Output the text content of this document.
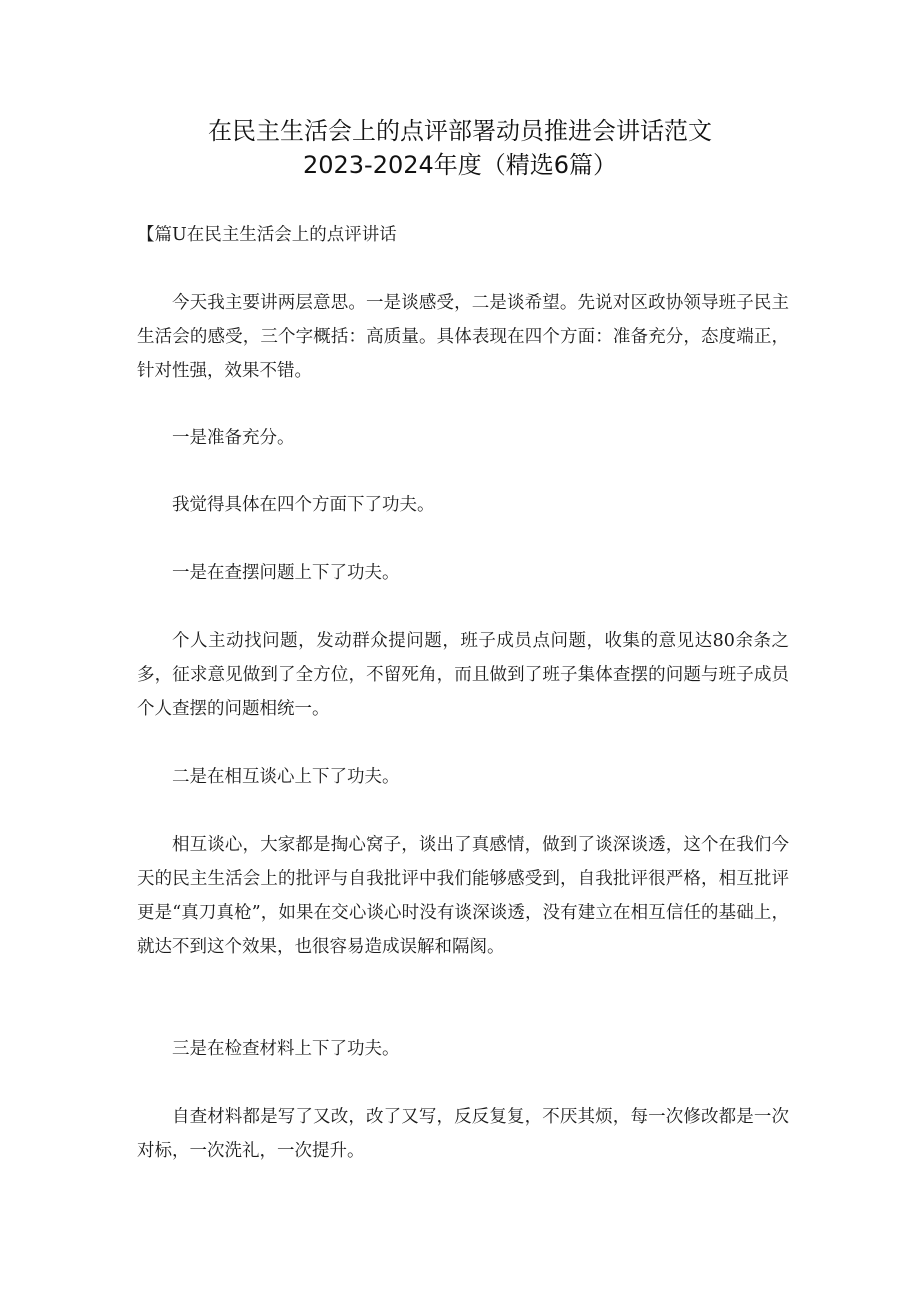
在民主生活会上的点评部署动员推进会讲话范文
2023-2024年度（精选6篇）

【篇U在民主生活会上的点评讲话

今天我主要讲两层意思。一是谈感受，二是谈希望。先说对区政协领导班子民主生活会的感受，三个字概括：高质量。具体表现在四个方面：准备充分，态度端正，针对性强，效果不错。

一是准备充分。

我觉得具体在四个方面下了功夫。

一是在查摆问题上下了功夫。

个人主动找问题，发动群众提问题，班子成员点问题，收集的意见达80余条之多，征求意见做到了全方位，不留死角，而且做到了班子集体查摆的问题与班子成员个人查摆的问题相统一。

二是在相互谈心上下了功夫。

相互谈心，大家都是掏心窝子，谈出了真感情，做到了谈深谈透，这个在我们今天的民主生活会上的批评与自我批评中我们能够感受到，自我批评很严格，相互批评更是“真刀真枪”，如果在交心谈心时没有谈深谈透，没有建立在相互信任的基础上，就达不到这个效果，也很容易造成误解和隔阂。

三是在检查材料上下了功夫。

自查材料都是写了又改，改了又写，反反复复，不厌其烦，每一次修改都是一次对标，一次洗礼，一次提升。
